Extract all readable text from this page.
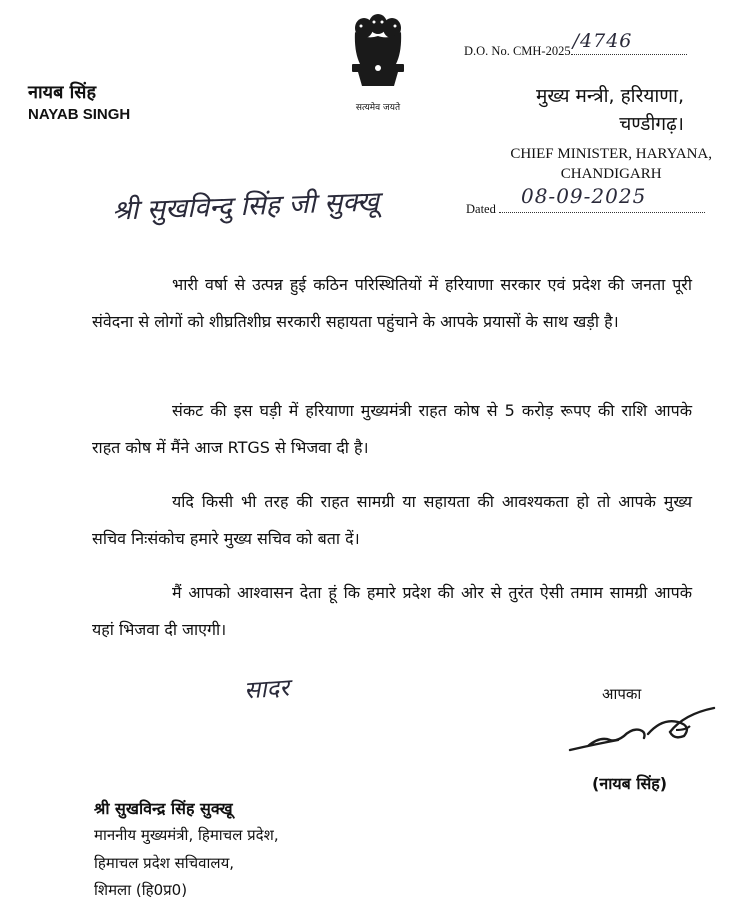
सत्यमेव जयते
नायब सिंह
NAYAB SINGH
D.O. No. CMH-2025 /4746
मुख्य मन्त्री, हरियाणा,
चण्डीगढ़।
CHIEF MINISTER, HARYANA,
CHANDIGARH
श्री सुखविन्दु सिंह जी सुक्खू	Dated
08-09-2025
भारी वर्षा से उत्पन्न हुई कठिन परिस्थितियों में हरियाणा सरकार एवं प्रदेश की जनता पूरी संवेदना से लोगों को शीघ्रतिशीघ्र सरकारी सहायता पहुंचाने के आपके प्रयासों के साथ खड़ी है।
संकट की इस घड़ी में हरियाणा मुख्यमंत्री राहत कोष से 5 करोड़ रूपए की राशि आपके राहत कोष में मैंने आज RTGS से भिजवा दी है।
यदि किसी भी तरह की राहत सामग्री या सहायता की आवश्यकता हो तो आपके मुख्य सचिव निःसंकोच हमारे मुख्य सचिव को बता दें।
मैं आपको आश्वासन देता हूं कि हमारे प्रदेश की ओर से तुरंत ऐसी तमाम सामग्री आपके यहां भिजवा दी जाएगी।
सादर	आपका
(नायब सिंह)
श्री सुखविन्द्र सिंह सुक्खू
माननीय मुख्यमंत्री, हिमाचल प्रदेश,
हिमाचल प्रदेश सचिवालय,
शिमला (हि0प्र0)
